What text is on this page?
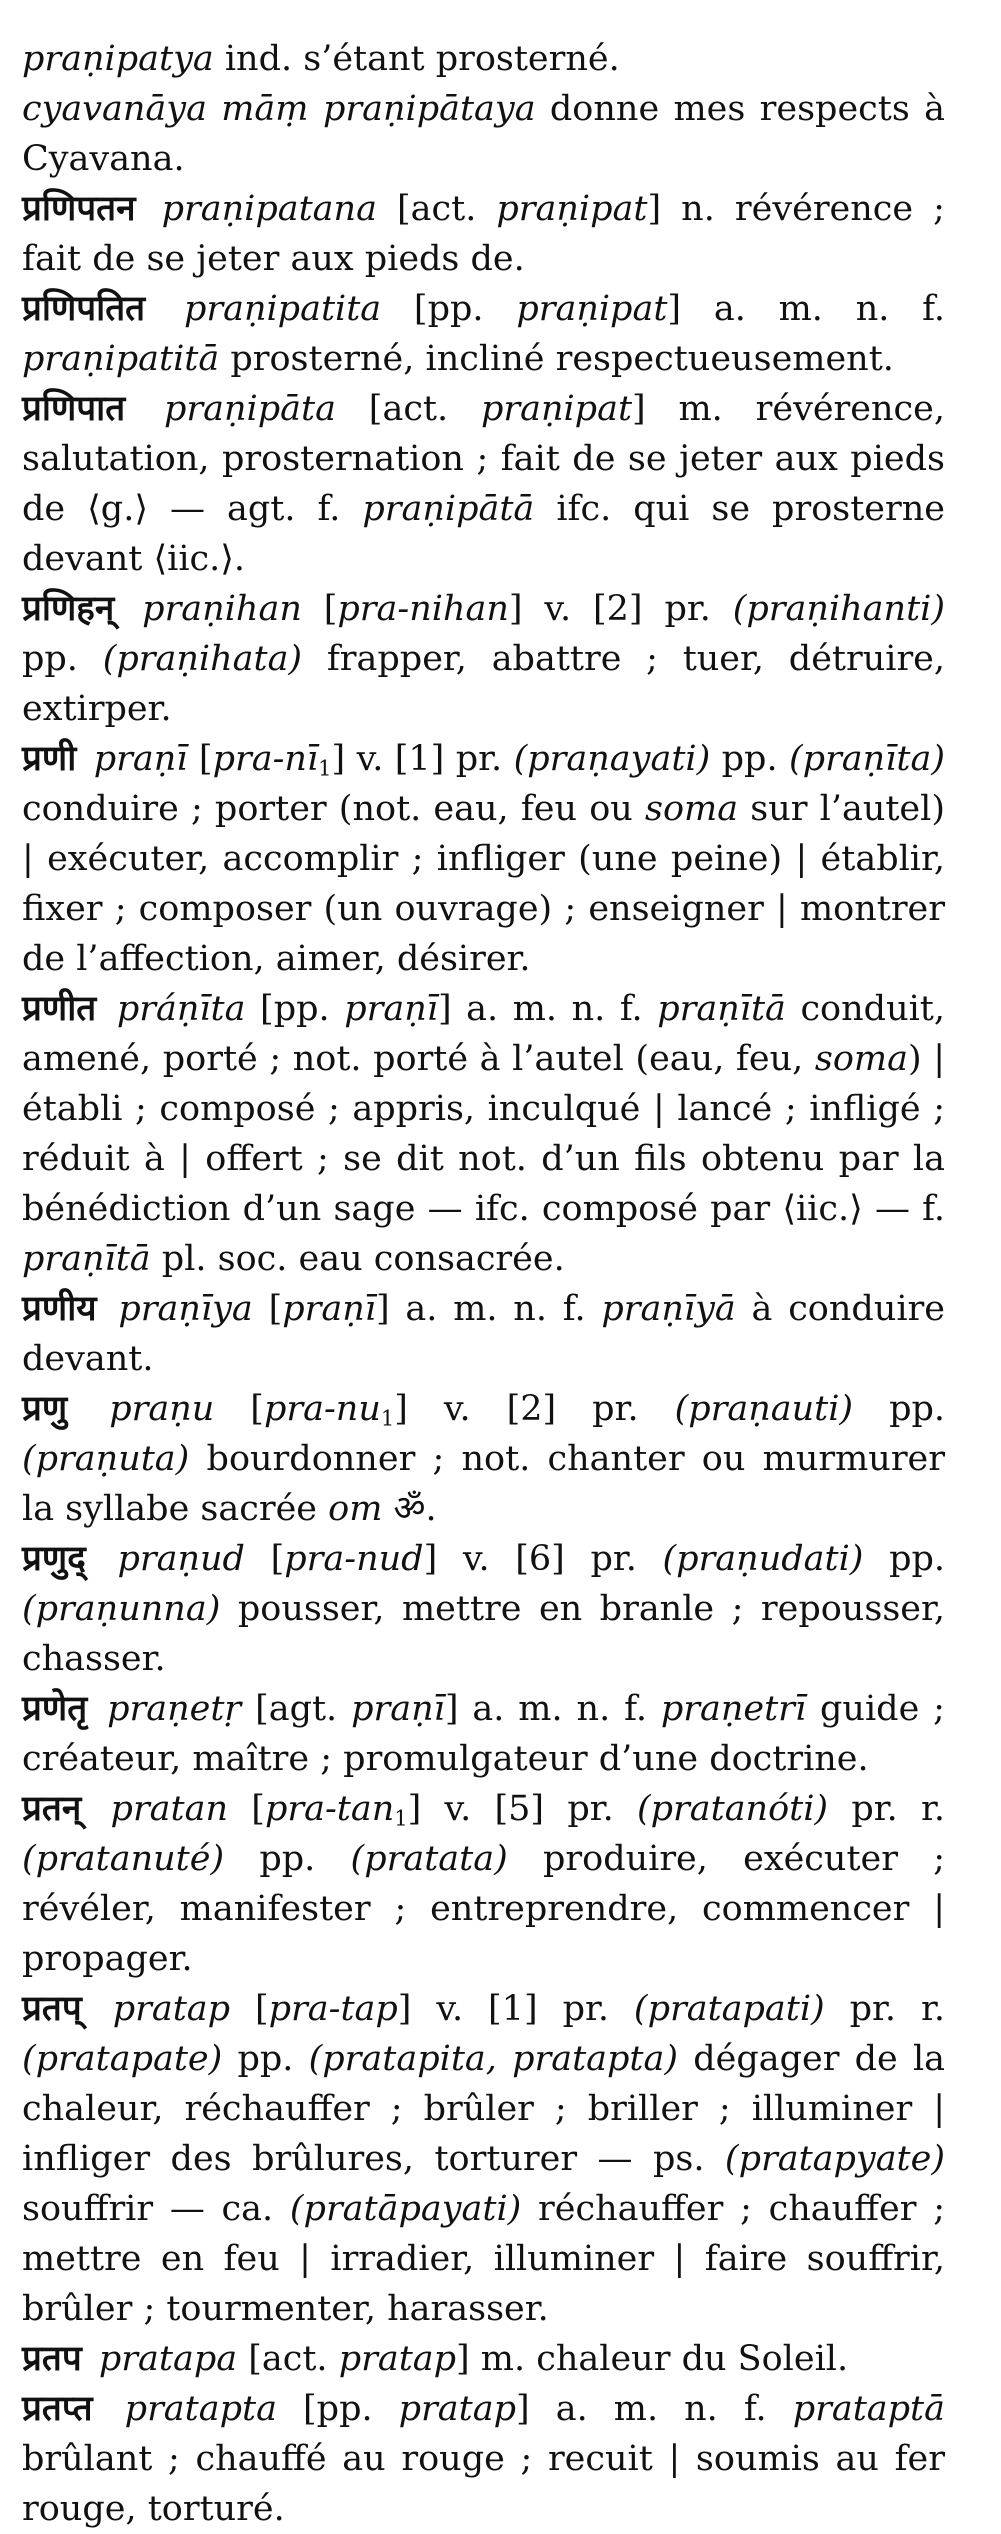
praṇipatya ind. s’étant prosterné.

cyavanāya māṃ praṇipātaya donne mes respects à Cyavana.

प्रणिपतन praṇipatana [act. praṇipat] n. révérence ; fait de se jeter aux pieds de.

प्रणिपतित praṇipatita [pp. praṇipat] a. m. n. f. praṇipatitā prosterné, incliné respectueusement.

प्रणिपात praṇipāta [act. praṇipat] m. révérence, salutation, prosternation ; fait de se jeter aux pieds de ⟨g.⟩ — agt. f. praṇipātā ifc. qui se prosterne devant ⟨iic.⟩.

प्रणिहन् praṇihan [pra-nihan] v. [2] pr. (praṇihanti) pp. (praṇihata) frapper, abattre ; tuer, détruire, extirper.

प्रणी praṇī $[pra-nī_1]$ v. [1] pr. (praṇayati) pp. (praṇīta) conduire ; porter (not. eau, feu ou soma sur l’autel) | exécuter, accomplir ; infliger (une peine) | établir, fixer ; composer (un ouvrage) ; enseigner | montrer de l’affection, aimer, désirer.

प्रणीत práṇīta [pp. praṇī] a. m. n. f. praṇītā conduit, amené, porté ; not. porté à l’autel (eau, feu, soma) | établi ; composé ; appris, inculqué | lancé ; infligé ; réduit à | offert ; se dit not. d’un fils obtenu par la bénédiction d’un sage — ifc. composé par ⟨iic.⟩ — f. praṇītā pl. soc. eau consacrée.

प्रणीय praṇīya [praṇī] a. m. n. f. praṇīyā à conduire devant.

प्रणु praṇu $[pra-nu_1]$ v. [2] pr. (praṇauti) pp. (praṇuta) bourdonner ; not. chanter ou murmurer la syllabe sacrée om ॐ.

प्रणुद् praṇud [pra-nud] v. [6] pr. (praṇudati) pp. (praṇunna) pousser, mettre en branle ; repousser, chasser.

प्रणेतृ praṇetṛ [agt. praṇī] a. m. n. f. praṇetrī guide ; créateur, maître ; promulgateur d’une doctrine.

प्रतन् pratan $[pra-\tan_1]$ v. [5] pr. (pratanóti) pr. r. (pratanuté) pp. (pratata) produire, exécuter ; révéler, manifester ; entreprendre, commencer | propager.

प्रतप् pratap [pra-tap] v. [1] pr. (pratapati) pr. r. (pratapate) pp. (pratapita, pratapta) dégager de la chaleur, réchauffer ; brûler ; briller ; illuminer | infliger des brûlures, torturer — ps. (pratapyate) souffrir — ca. (pratāpayati) réchauffer ; chauffer ; mettre en feu | irradier, illuminer | faire souffrir, brûler ; tourmenter, harasser.

प्रतप pratapa [act. pratap] m. chaleur du Soleil.

प्रतप्त pratapta [pp. pratap] a. m. n. f. prataptā brûlant ; chauffé au rouge ; recuit | soumis au fer rouge, torturé.
